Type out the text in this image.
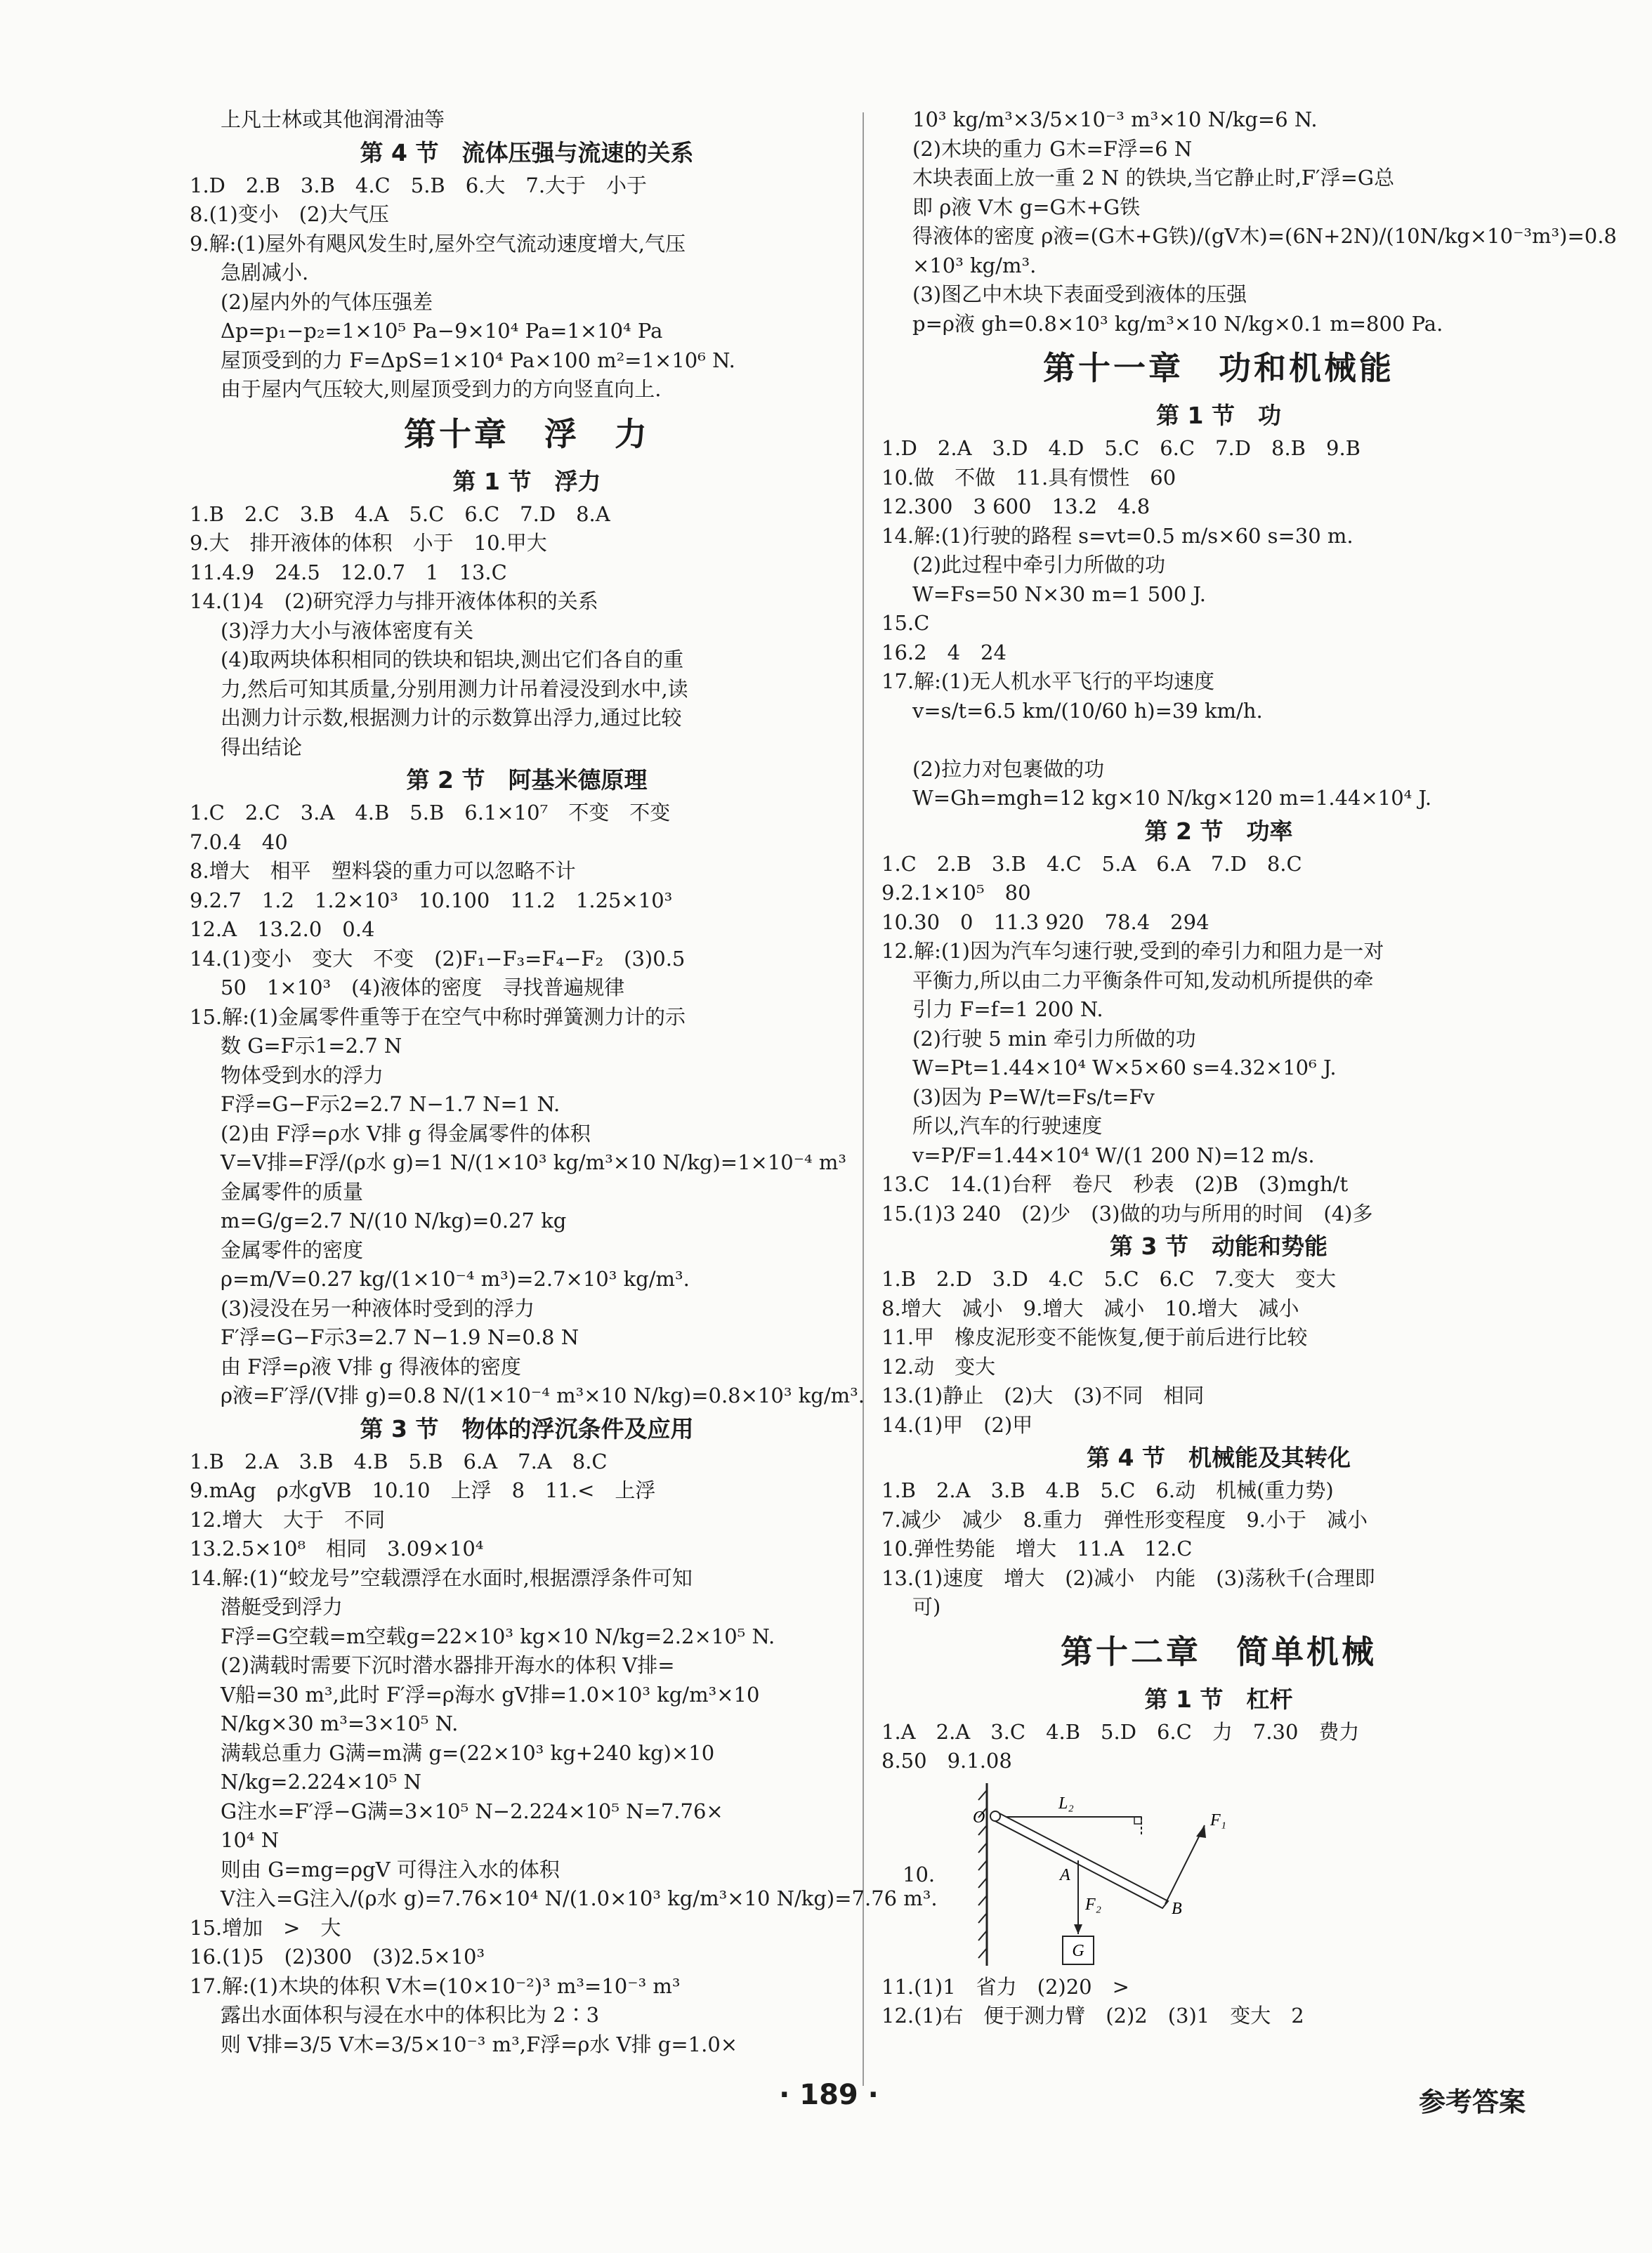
上凡士林或其他润滑油等
第 4 节　流体压强与流速的关系
1.D　2.B　3.B　4.C　5.B　6.大　7.大于　小于
8.(1)变小　(2)大气压
9.解:(1)屋外有飓风发生时,屋外空气流动速度增大,气压
急剧减小.
(2)屋内外的气体压强差
Δp=p₁−p₂=1×10⁵ Pa−9×10⁴ Pa=1×10⁴ Pa
屋顶受到的力 F=ΔpS=1×10⁴ Pa×100 m²=1×10⁶ N.
由于屋内气压较大,则屋顶受到力的方向竖直向上.
第十章　浮　力
第 1 节　浮力
1.B　2.C　3.B　4.A　5.C　6.C　7.D　8.A
9.大　排开液体的体积　小于　10.甲大
11.4.9　24.5　12.0.7　1　13.C
14.(1)4　(2)研究浮力与排开液体体积的关系
(3)浮力大小与液体密度有关
(4)取两块体积相同的铁块和铝块,测出它们各自的重
力,然后可知其质量,分别用测力计吊着浸没到水中,读
出测力计示数,根据测力计的示数算出浮力,通过比较
得出结论
第 2 节　阿基米德原理
1.C　2.C　3.A　4.B　5.B　6.1×10⁷　不变　不变
7.0.4　40
8.增大　相平　塑料袋的重力可以忽略不计
9.2.7　1.2　1.2×10³　10.100　11.2　1.25×10³
12.A　13.2.0　0.4
14.(1)变小　变大　不变　(2)F₁−F₃=F₄−F₂　(3)0.5
50　1×10³　(4)液体的密度　寻找普遍规律
15.解:(1)金属零件重等于在空气中称时弹簧测力计的示
数 G=F示1=2.7 N
物体受到水的浮力
F浮=G−F示2=2.7 N−1.7 N=1 N.
(2)由 F浮=ρ水 V排 g 得金属零件的体积
V=V排=F浮/(ρ水 g)=1 N/(1×10³ kg/m³×10 N/kg)=1×10⁻⁴ m³
金属零件的质量
m=G/g=2.7 N/(10 N/kg)=0.27 kg
金属零件的密度
ρ=m/V=0.27 kg/(1×10⁻⁴ m³)=2.7×10³ kg/m³.
(3)浸没在另一种液体时受到的浮力
F′浮=G−F示3=2.7 N−1.9 N=0.8 N
由 F浮=ρ液 V排 g 得液体的密度
ρ液=F′浮/(V排 g)=0.8 N/(1×10⁻⁴ m³×10 N/kg)=0.8×10³ kg/m³.
第 3 节　物体的浮沉条件及应用
1.B　2.A　3.B　4.B　5.B　6.A　7.A　8.C
9.mAg　ρ水gVB　10.10　上浮　8　11.<　上浮
12.增大　大于　不同
13.2.5×10⁸　相同　3.09×10⁴
14.解:(1)“蛟龙号”空载漂浮在水面时,根据漂浮条件可知
潜艇受到浮力
F浮=G空载=m空载g=22×10³ kg×10 N/kg=2.2×10⁵ N.
(2)满载时需要下沉时潜水器排开海水的体积 V排=
V船=30 m³,此时 F′浮=ρ海水 gV排=1.0×10³ kg/m³×10
N/kg×30 m³=3×10⁵ N.
满载总重力 G满=m满 g=(22×10³ kg+240 kg)×10
N/kg=2.224×10⁵ N
G注水=F′浮−G满=3×10⁵ N−2.224×10⁵ N=7.76×
10⁴ N
则由 G=mg=ρgV 可得注入水的体积
V注入=G注入/(ρ水 g)=7.76×10⁴ N/(1.0×10³ kg/m³×10 N/kg)=7.76 m³.
15.增加　>　大
16.(1)5　(2)300　(3)2.5×10³
17.解:(1)木块的体积 V木=(10×10⁻²)³ m³=10⁻³ m³
露出水面体积与浸在水中的体积比为 2∶3
则 V排=3/5 V木=3/5×10⁻³ m³,F浮=ρ水 V排 g=1.0×
10³ kg/m³×3/5×10⁻³ m³×10 N/kg=6 N.
(2)木块的重力 G木=F浮=6 N
木块表面上放一重 2 N 的铁块,当它静止时,F′浮=G总
即 ρ液 V木 g=G木+G铁
得液体的密度 ρ液=(G木+G铁)/(gV木)=(6N+2N)/(10N/kg×10⁻³m³)=0.8
×10³ kg/m³.
(3)图乙中木块下表面受到液体的压强
p=ρ液 gh=0.8×10³ kg/m³×10 N/kg×0.1 m=800 Pa.
第十一章　功和机械能
第 1 节　功
1.D　2.A　3.D　4.D　5.C　6.C　7.D　8.B　9.B
10.做　不做　11.具有惯性　60
12.300　3 600　13.2　4.8
14.解:(1)行驶的路程 s=vt=0.5 m/s×60 s=30 m.
(2)此过程中牵引力所做的功
W=Fs=50 N×30 m=1 500 J.
15.C
16.2　4　24
17.解:(1)无人机水平飞行的平均速度
v=s/t=6.5 km/(10/60 h)=39 km/h.

(2)拉力对包裹做的功
W=Gh=mgh=12 kg×10 N/kg×120 m=1.44×10⁴ J.
第 2 节　功率
1.C　2.B　3.B　4.C　5.A　6.A　7.D　8.C
9.2.1×10⁵　80
10.30　0　11.3 920　78.4　294
12.解:(1)因为汽车匀速行驶,受到的牵引力和阻力是一对
平衡力,所以由二力平衡条件可知,发动机所提供的牵
引力 F=f=1 200 N.
(2)行驶 5 min 牵引力所做的功
W=Pt=1.44×10⁴ W×5×60 s=4.32×10⁶ J.
(3)因为 P=W/t=Fs/t=Fv
所以,汽车的行驶速度
v=P/F=1.44×10⁴ W/(1 200 N)=12 m/s.
13.C　14.(1)台秤　卷尺　秒表　(2)B　(3)mgh/t
15.(1)3 240　(2)少　(3)做的功与所用的时间　(4)多
第 3 节　动能和势能
1.B　2.D　3.D　4.C　5.C　6.C　7.变大　变大
8.增大　减小　9.增大　减小　10.增大　减小
11.甲　橡皮泥形变不能恢复,便于前后进行比较
12.动　变大
13.(1)静止　(2)大　(3)不同　相同
14.(1)甲　(2)甲
第 4 节　机械能及其转化
1.B　2.A　3.B　4.B　5.C　6.动　机械(重力势)
7.减少　减少　8.重力　弹性形变程度　9.小于　减小
10.弹性势能　增大　11.A　12.C
13.(1)速度　增大　(2)减小　内能　(3)荡秋千(合理即
可)
第十二章　简单机械
第 1 节　杠杆
1.A　2.A　3.C　4.B　5.D　6.C　力　7.30　费力
8.50　9.1.08
10.
G
O
L₂
A
B
F₁
F₂
11.(1)1　省力　(2)20　>
12.(1)右　便于测力臂　(2)2　(3)1　变大　2
· 189 ·	参考答案
